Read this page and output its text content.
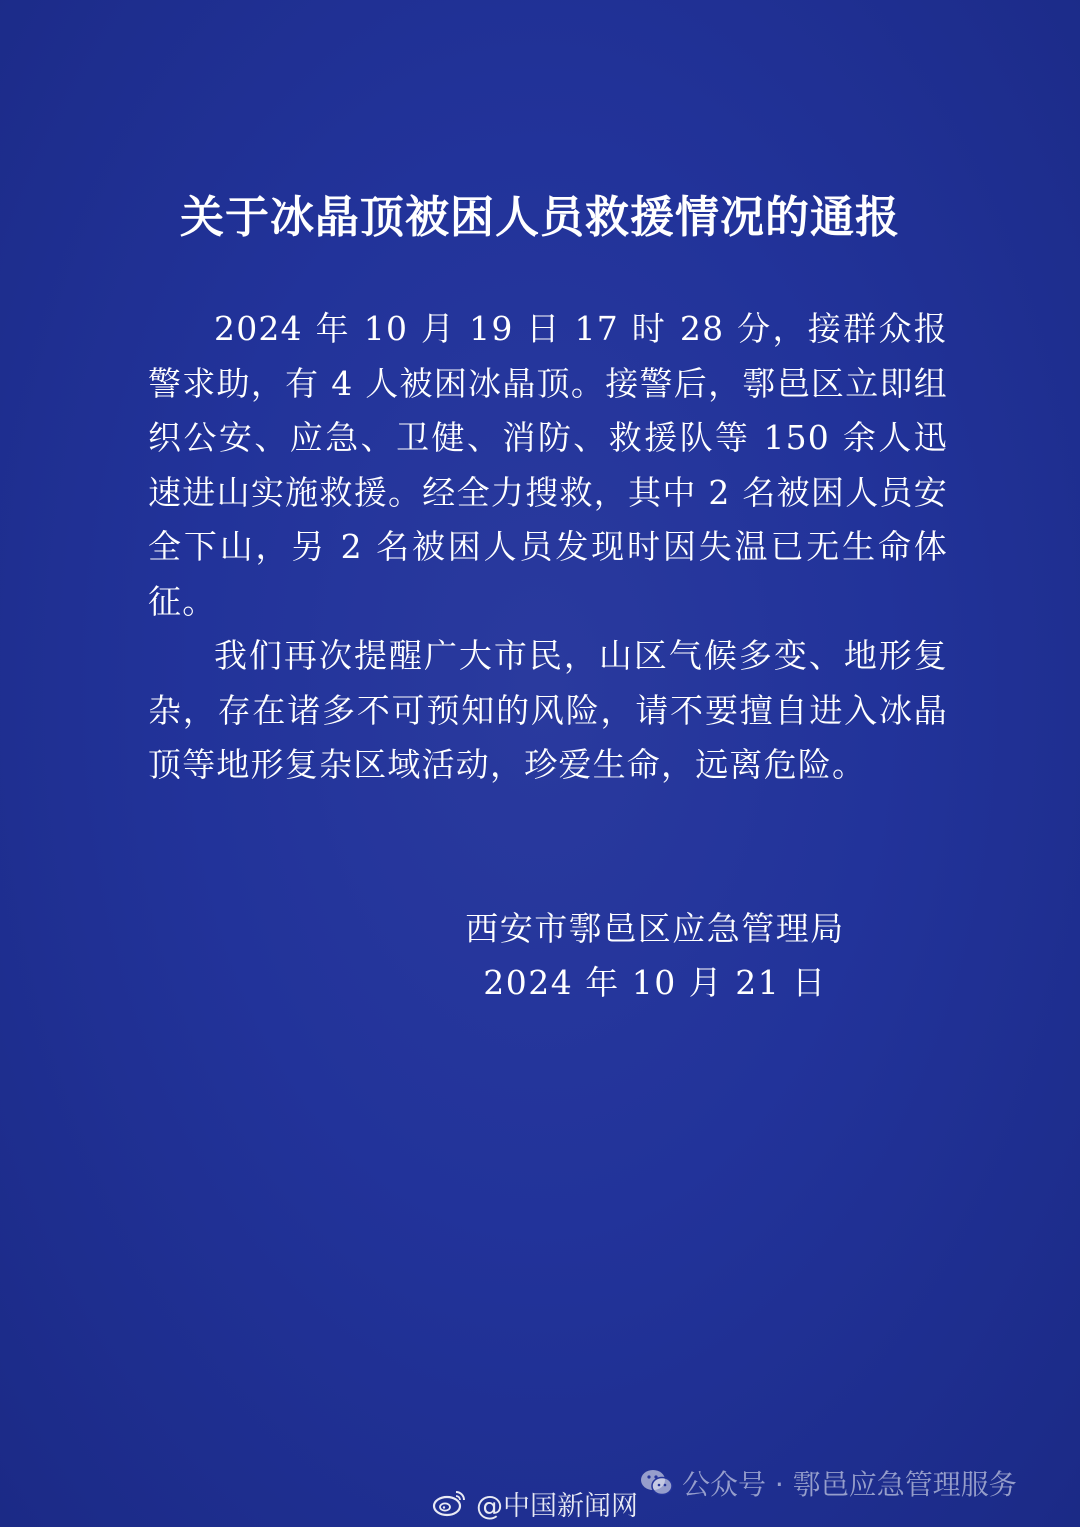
关于冰晶顶被困人员救援情况的通报

2024 年 10 月 19 日 17 时 28 分，接群众报警求助，有 4 人被困冰晶顶。接警后，鄠邑区立即组织公安、应急、卫健、消防、救援队等 150 余人迅速进山实施救援。经全力搜救，其中 2 名被困人员安全下山，另 2 名被困人员发现时因失温已无生命体征。

我们再次提醒广大市民，山区气候多变、地形复杂，存在诸多不可预知的风险，请不要擅自进入冰晶顶等地形复杂区域活动，珍爱生命，远离危险。

西安市鄠邑区应急管理局
2024 年 10 月 21 日
公众号 · 鄠邑应急管理服务
@中国新闻网
